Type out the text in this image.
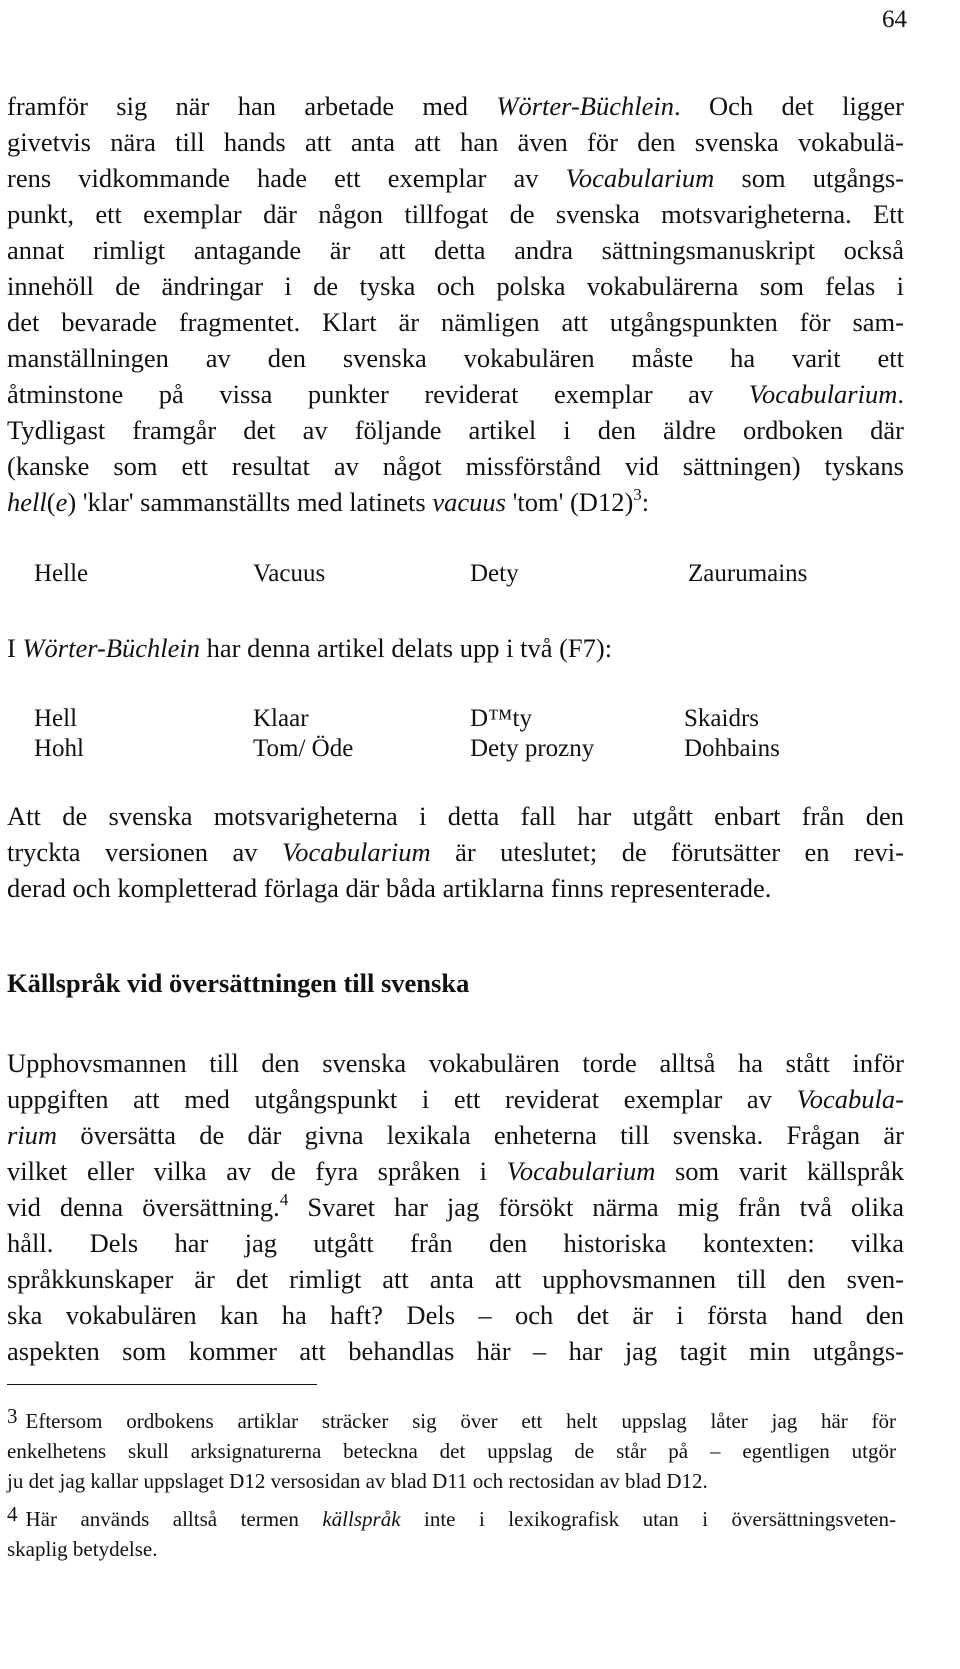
64
framför sig när han arbetade med Wörter-Büchlein. Och det ligger
givetvis nära till hands att anta att han även för den svenska vokabulä-
rens vidkommande hade ett exemplar av Vocabularium som utgångs-
punkt, ett exemplar där någon tillfogat de svenska motsvarigheterna. Ett
annat rimligt antagande är att detta andra sättningsmanuskript också
innehöll de ändringar i de tyska och polska vokabulärerna som felas i
det bevarade fragmentet. Klart är nämligen att utgångspunkten för sam-
manställningen av den svenska vokabulären måste ha varit ett
åtminstone på vissa punkter reviderat exemplar av Vocabularium.
Tydligast framgår det av följande artikel i den äldre ordboken där
(kanske som ett resultat av något missförstånd vid sättningen) tyskans
hell(e) 'klar' sammanställts med latinets vacuus 'tom' $(D12)^3$:
Helle	Vacuus	Dety	Zaurumains
I Wörter-Büchlein har denna artikel delats upp i två (F7):
Hell	Klaar	D™ty	Skaidrs
Hohl	Tom/ Öde	Dety prozny	Dohbains
Att de svenska motsvarigheterna i detta fall har utgått enbart från den
tryckta versionen av Vocabularium är uteslutet; de förutsätter en revi-
derad och kompletterad förlaga där båda artiklarna finns representerade.
Källspråk vid översättningen till svenska
Upphovsmannen till den svenska vokabulären torde alltså ha stått inför
uppgiften att med utgångspunkt i ett reviderat exemplar av Vocabula-
rium översätta de där givna lexikala enheterna till svenska. Frågan är
vilket eller vilka av de fyra språken i Vocabularium som varit källspråk
vid denna översättning.$^4$ Svaret har jag försökt närma mig från två olika
håll. Dels har jag utgått från den historiska kontexten: vilka
språkkunskaper är det rimligt att anta att upphovsmannen till den sven-
ska vokabulären kan ha haft? Dels – och det är i första hand den
aspekten som kommer att behandlas här – har jag tagit min utgångs-
3 Eftersom ordbokens artiklar sträcker sig över ett helt uppslag låter jag här för
enkelhetens skull arksignaturerna beteckna det uppslag de står på – egentligen utgör
ju det jag kallar uppslaget D12 versosidan av blad D11 och rectosidan av blad D12.
4 Här används alltså termen källspråk inte i lexikografisk utan i översättningsveten-
skaplig betydelse.
